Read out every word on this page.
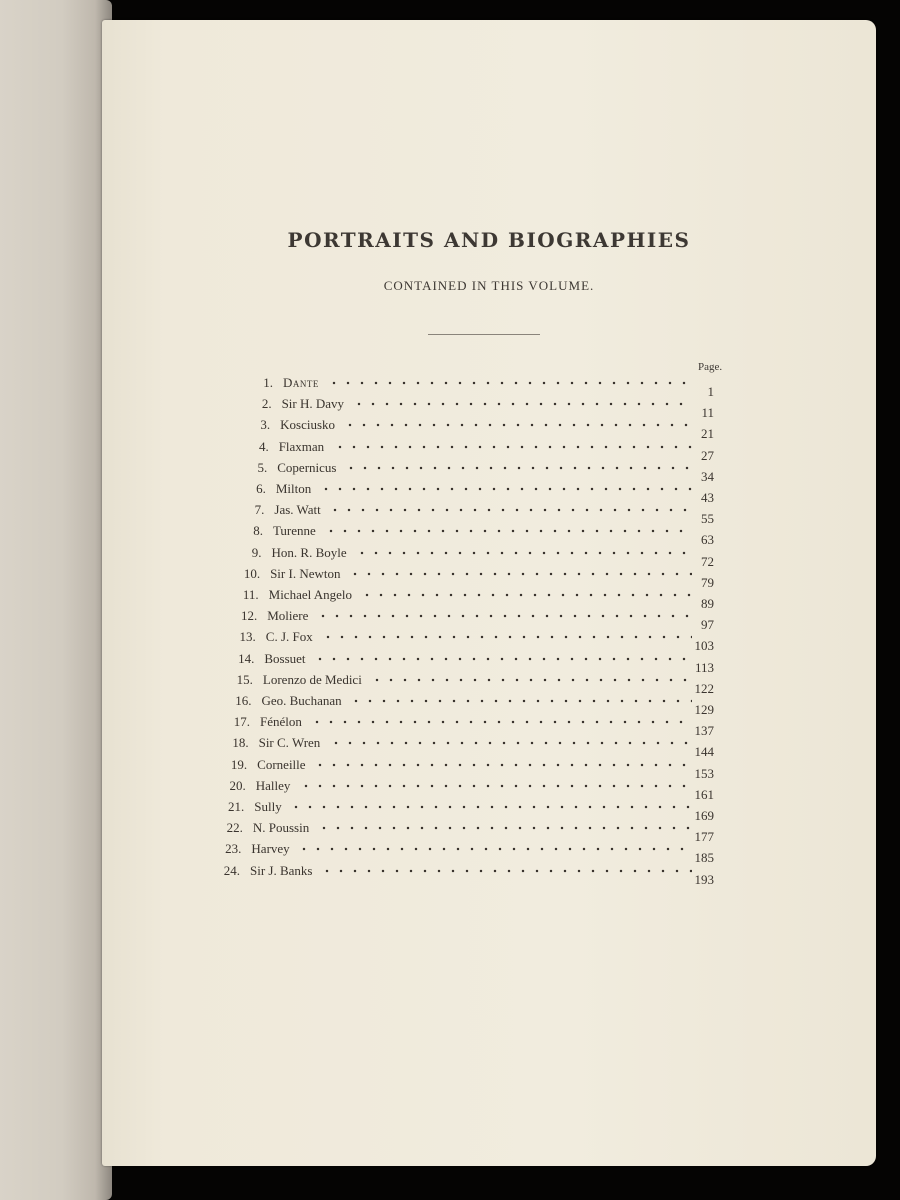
PORTRAITS AND BIOGRAPHIES

CONTAINED IN THIS VOLUME.

Page.
1. Dante
1
2. Sir H. Davy
11
3. Kosciusko
21
4. Flaxman
27
5. Copernicus
34
6. Milton
43
7. Jas. Watt
55
8. Turenne
63
9. Hon. R. Boyle
72
10. Sir I. Newton
79
11. Michael Angelo
89
12. Moliere
97
13. C. J. Fox
103
14. Bossuet
113
15. Lorenzo de Medici
122
16. Geo. Buchanan
129
17. Fénélon
137
18. Sir C. Wren
144
19. Corneille
153
20. Halley
161
21. Sully
169
22. N. Poussin
177
23. Harvey
185
24. Sir J. Banks
193
